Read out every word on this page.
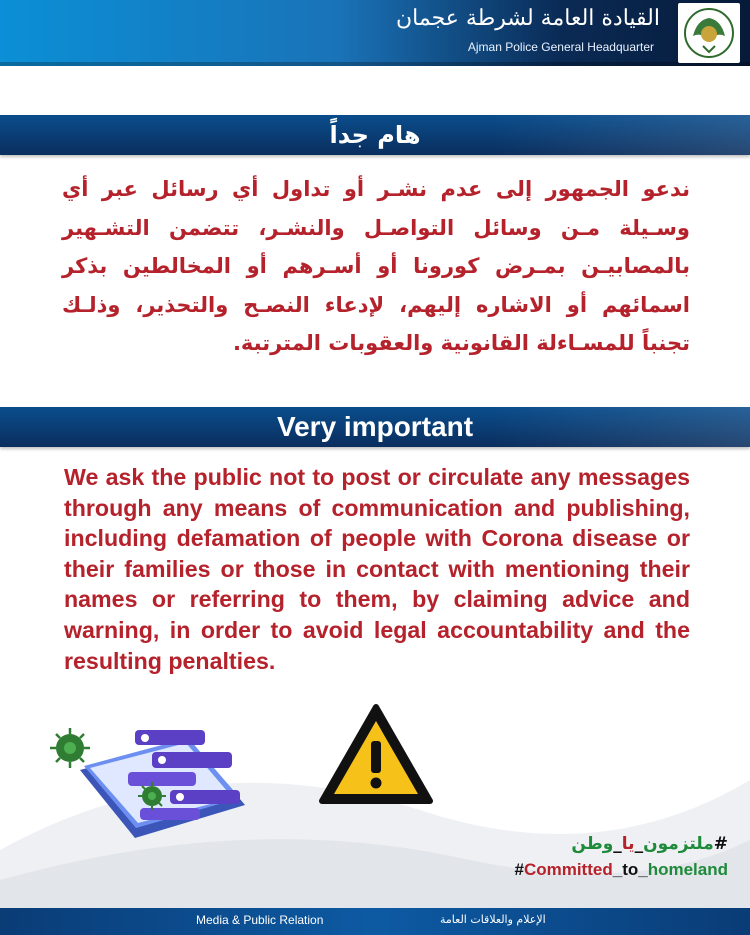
القيادة العامة لشرطة عجمان
Ajman Police General Headquarter
هام جداً
ندعو الجمهور إلى عدم نشـر أو تداول أي رسائل عبر أي وسـيلة مـن وسائل التواصـل والنشـر، تتضمن التشـهير بالمصابيـن بمـرض كورونا أو أسـرهم أو المخالطين بذكر اسمائهم أو الاشاره إليهم، لإدعاء النصـح والتحذير، وذلـك تجنباً للمسـاءلة القانونية والعقوبات المترتبة.
Very important
We ask the public not to post or circulate any messages through any means of communication and publishing, including defamation of people with Corona disease or their families or those in contact with mentioning their names or referring to them, by claiming advice and warning, in order to avoid legal accountability and the resulting penalties.
#ملتزمون_يا_وطن
#Committed_to_homeland
Media & Public Relation	الإعلام والعلاقات العامة
